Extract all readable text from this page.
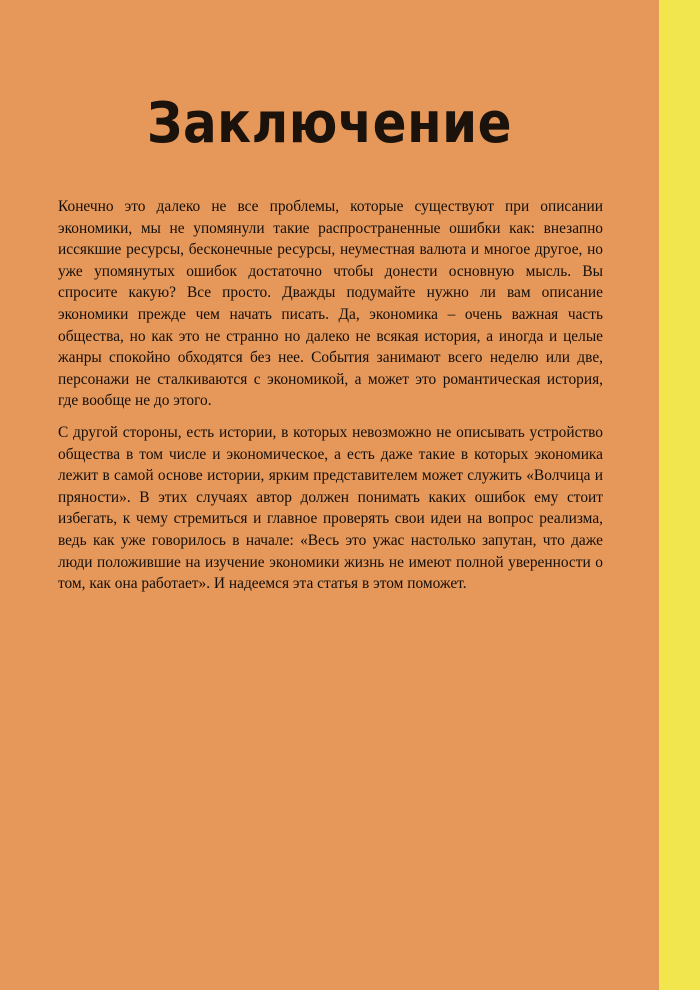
Заключение

Конечно это далеко не все проблемы, которые существуют при описании экономики, мы не упомянули такие распространенные ошибки как: внезапно иссякшие ресурсы, бесконечные ресурсы, неуместная валюта и многое другое, но уже упомянутых ошибок достаточно чтобы донести основную мысль. Вы спросите какую? Все просто. Дважды подумайте нужно ли вам описание экономики прежде чем начать писать. Да, экономика – очень важная часть общества, но как это не странно но далеко не всякая история, а иногда и целые жанры спокойно обходятся без нее. События занимают всего неделю или две, персонажи не сталкиваются с экономикой, а может это романтическая история, где вообще не до этого.

С другой стороны, есть истории, в которых невозможно не описывать устройство общества в том числе и экономическое, а есть даже такие в которых экономика лежит в самой основе истории, ярким представителем может служить «Волчица и пряности». В этих случаях автор должен понимать каких ошибок ему стоит избегать, к чему стремиться и главное проверять свои идеи на вопрос реализма, ведь как уже говорилось в начале: «Весь это ужас настолько запутан, что даже люди положившие на изучение экономики жизнь не имеют полной уверенности о том, как она работает». И надеемся эта статья в этом поможет.
